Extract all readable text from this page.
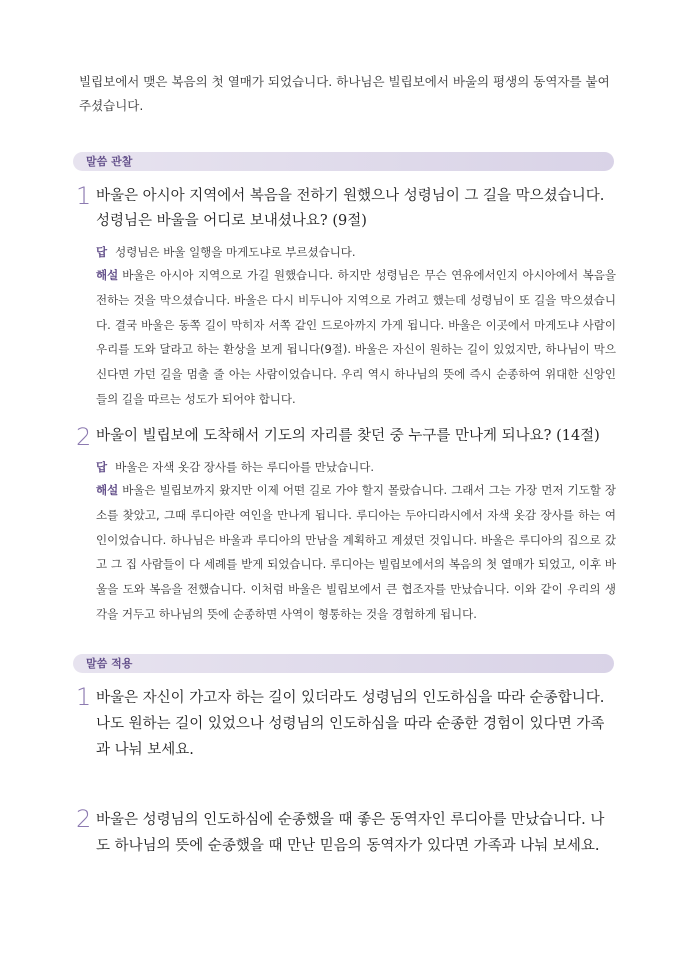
빌립보에서 맺은 복음의 첫 열매가 되었습니다. 하나님은 빌립보에서 바울의 평생의 동역자를 붙여 주셨습니다.

말씀 관찰
1 바울은 아시아 지역에서 복음을 전하기 원했으나 성령님이 그 길을 막으셨습니다. 성령님은 바울을 어디로 보내셨나요? (9절)
답 성령님은 바울 일행을 마게도냐로 부르셨습니다.
해설 바울은 아시아 지역으로 가길 원했습니다. 하지만 성령님은 무슨 연유에서인지 아시아에서 복음을 전하는 것을 막으셨습니다. 바울은 다시 비두니아 지역으로 가려고 했는데 성령님이 또 길을 막으셨습니다. 결국 바울은 동쪽 길이 막히자 서쪽 같인 드로아까지 가게 됩니다. 바울은 이곳에서 마게도냐 사람이 우리를 도와 달라고 하는 환상을 보게 됩니다(9절). 바울은 자신이 원하는 길이 있었지만, 하나님이 막으신다면 가던 길을 멈출 줄 아는 사람이었습니다. 우리 역시 하나님의 뜻에 즉시 순종하여 위대한 신앙인들의 길을 따르는 성도가 되어야 합니다.
2 바울이 빌립보에 도착해서 기도의 자리를 찾던 중 누구를 만나게 되나요? (14절)
답 바울은 자색 옷감 장사를 하는 루디아를 만났습니다.
해설 바울은 빌립보까지 왔지만 이제 어떤 길로 가야 할지 몰랐습니다. 그래서 그는 가장 먼저 기도할 장소를 찾았고, 그때 루디아란 여인을 만나게 됩니다. 루디아는 두아디라시에서 자색 옷감 장사를 하는 여인이었습니다. 하나님은 바울과 루디아의 만남을 계획하고 계셨던 것입니다. 바울은 루디아의 집으로 갔고 그 집 사람들이 다 세례를 받게 되었습니다. 루디아는 빌립보에서의 복음의 첫 열매가 되었고, 이후 바울을 도와 복음을 전했습니다. 이처럼 바울은 빌립보에서 큰 협조자를 만났습니다. 이와 같이 우리의 생각을 거두고 하나님의 뜻에 순종하면 사역이 형통하는 것을 경험하게 됩니다.
말씀 적용
1 바울은 자신이 가고자 하는 길이 있더라도 성령님의 인도하심을 따라 순종합니다. 나도 원하는 길이 있었으나 성령님의 인도하심을 따라 순종한 경험이 있다면 가족과 나눠 보세요.
2 바울은 성령님의 인도하심에 순종했을 때 좋은 동역자인 루디아를 만났습니다. 나도 하나님의 뜻에 순종했을 때 만난 믿음의 동역자가 있다면 가족과 나눠 보세요.
